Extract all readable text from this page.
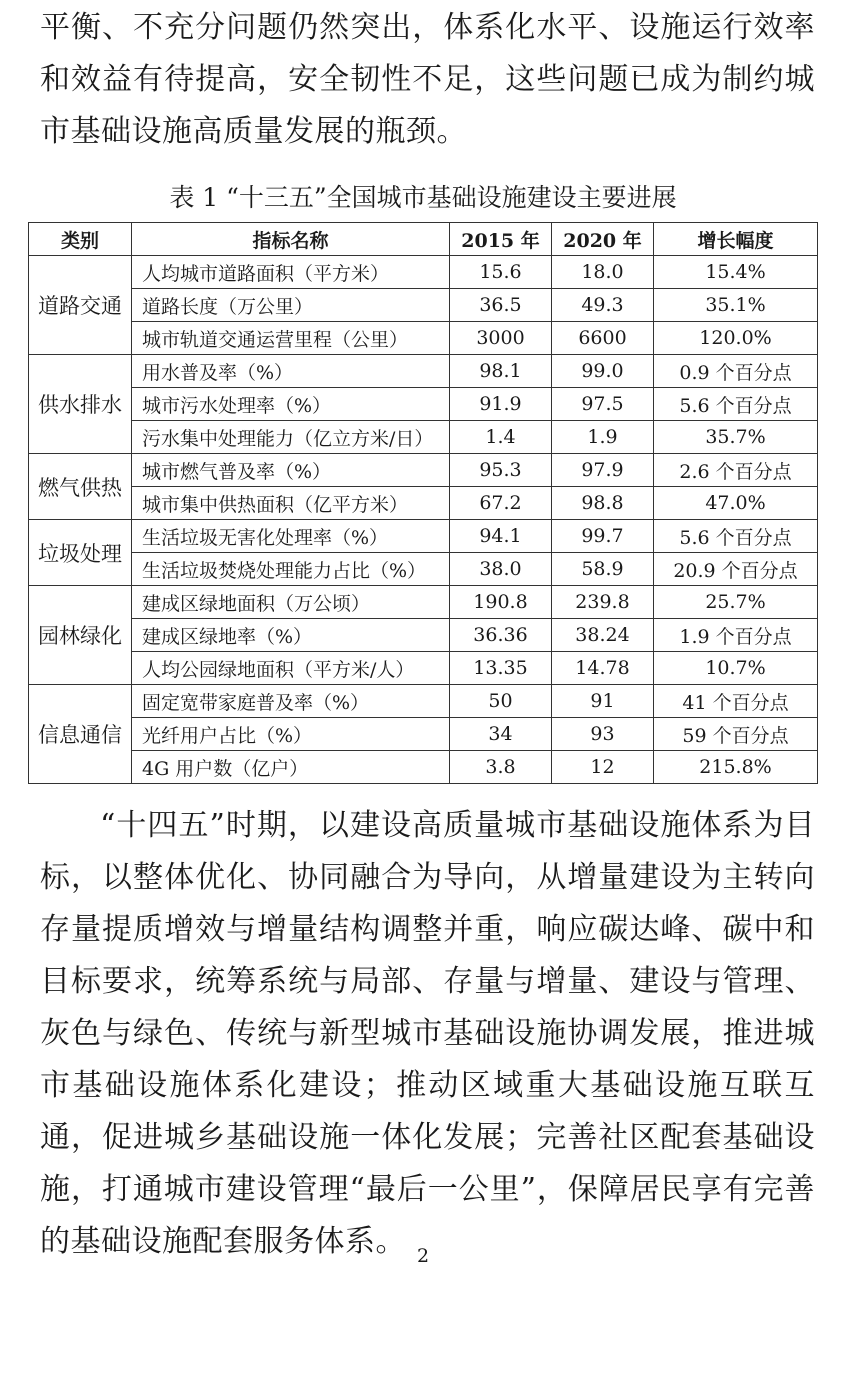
平衡、不充分问题仍然突出，体系化水平、设施运行效率和效益有待提高，安全韧性不足，这些问题已成为制约城市基础设施高质量发展的瓶颈。

表 1 “十三五”全国城市基础设施建设主要进展

类别	指标名称	2015 年	2020 年	增长幅度
道路交通	人均城市道路面积（平方米）	15.6	18.0	15.4%
	道路长度（万公里）	36.5	49.3	35.1%
	城市轨道交通运营里程（公里）	3000	6600	120.0%
供水排水	用水普及率（%）	98.1	99.0	0.9 个百分点
	城市污水处理率（%）	91.9	97.5	5.6 个百分点
	污水集中处理能力（亿立方米/日）	1.4	1.9	35.7%
燃气供热	城市燃气普及率（%）	95.3	97.9	2.6 个百分点
	城市集中供热面积（亿平方米）	67.2	98.8	47.0%
垃圾处理	生活垃圾无害化处理率（%）	94.1	99.7	5.6 个百分点
	生活垃圾焚烧处理能力占比（%）	38.0	58.9	20.9 个百分点
园林绿化	建成区绿地面积（万公顷）	190.8	239.8	25.7%
	建成区绿地率（%）	36.36	38.24	1.9 个百分点
	人均公园绿地面积（平方米/人）	13.35	14.78	10.7%
信息通信	固定宽带家庭普及率（%）	50	91	41 个百分点
	光纤用户占比（%）	34	93	59 个百分点
	4G 用户数（亿户）	3.8	12	215.8%

“十四五”时期，以建设高质量城市基础设施体系为目标，以整体优化、协同融合为导向，从增量建设为主转向存量提质增效与增量结构调整并重，响应碳达峰、碳中和目标要求，统筹系统与局部、存量与增量、建设与管理、灰色与绿色、传统与新型城市基础设施协调发展，推进城市基础设施体系化建设；推动区域重大基础设施互联互通，促进城乡基础设施一体化发展；完善社区配套基础设施，打通城市建设管理“最后一公里”，保障居民享有完善的基础设施配套服务体系。 2
